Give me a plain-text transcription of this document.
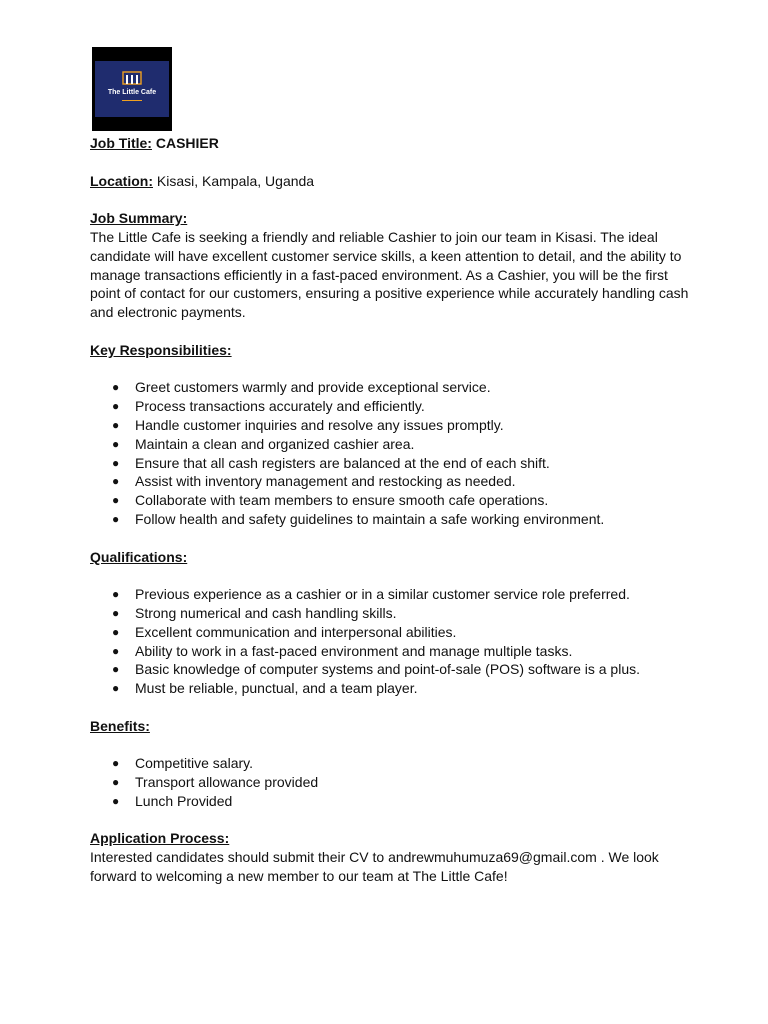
The Little Cafe

Job Title: CASHIER

Location: Kisasi, Kampala, Uganda

Job Summary:

The Little Cafe is seeking a friendly and reliable Cashier to join our team in Kisasi. The ideal candidate will have excellent customer service skills, a keen attention to detail, and the ability to manage transactions efficiently in a fast-paced environment. As a Cashier, you will be the first point of contact for our customers, ensuring a positive experience while accurately handling cash and electronic payments.

Key Responsibilities:

● Greet customers warmly and provide exceptional service.
● Process transactions accurately and efficiently.
● Handle customer inquiries and resolve any issues promptly.
● Maintain a clean and organized cashier area.
● Ensure that all cash registers are balanced at the end of each shift.
● Assist with inventory management and restocking as needed.
● Collaborate with team members to ensure smooth cafe operations.
● Follow health and safety guidelines to maintain a safe working environment.

Qualifications:

● Previous experience as a cashier or in a similar customer service role preferred.
● Strong numerical and cash handling skills.
● Excellent communication and interpersonal abilities.
● Ability to work in a fast-paced environment and manage multiple tasks.
● Basic knowledge of computer systems and point-of-sale (POS) software is a plus.
● Must be reliable, punctual, and a team player.

Benefits:

● Competitive salary.
● Transport allowance provided
● Lunch Provided

Application Process:

Interested candidates should submit their CV to andrewmuhumuza69@gmail.com . We look forward to welcoming a new member to our team at The Little Cafe!
